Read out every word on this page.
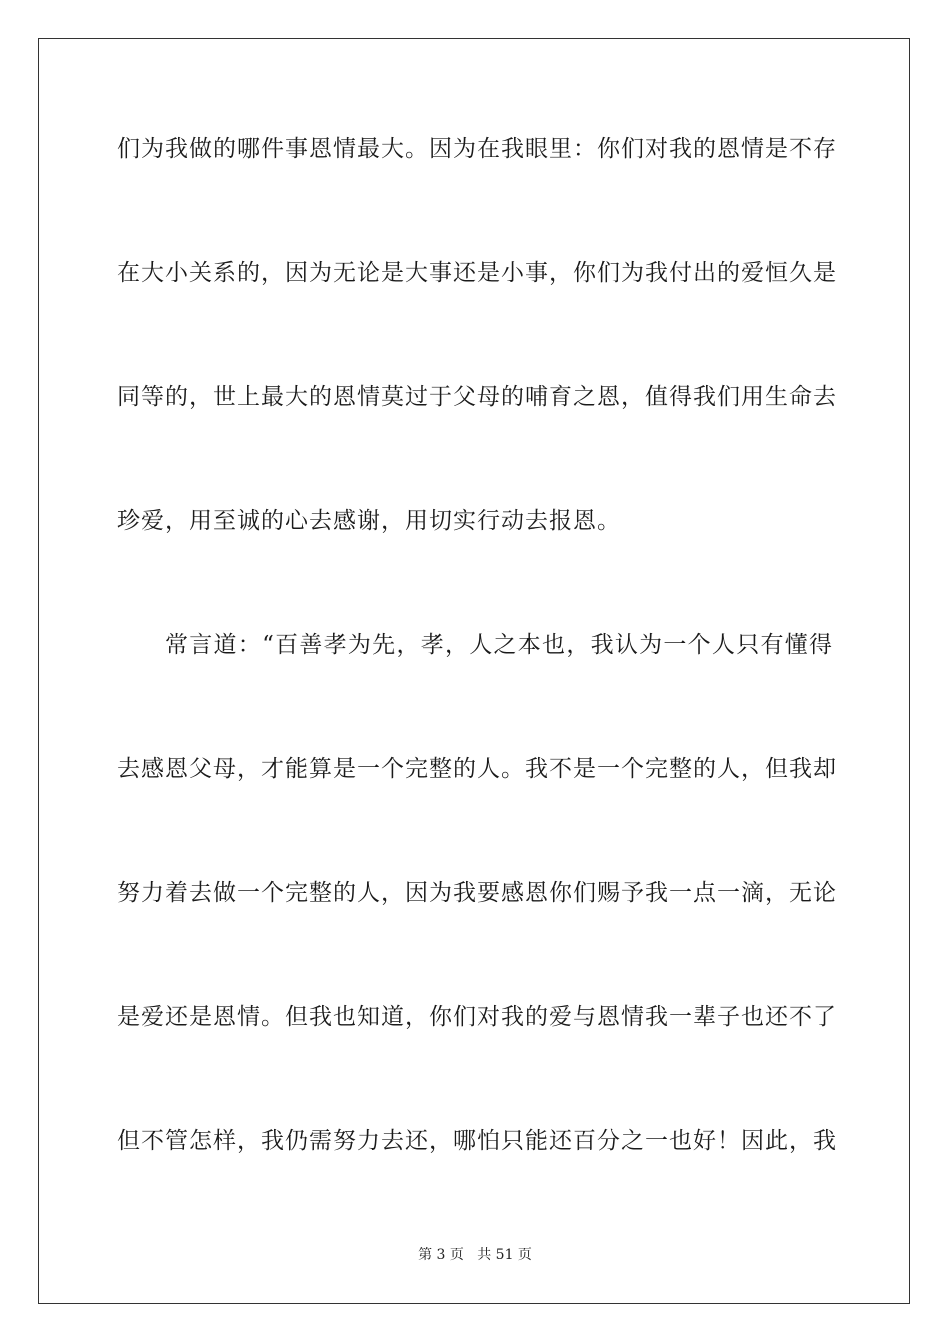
们为我做的哪件事恩情最大。因为在我眼里：你们对我的恩情是不存
在大小关系的，因为无论是大事还是小事，你们为我付出的爱恒久是
同等的，世上最大的恩情莫过于父母的哺育之恩，值得我们用生命去
珍爱，用至诚的心去感谢，用切实行动去报恩。
常言道：“百善孝为先，孝，人之本也，我认为一个人只有懂得
去感恩父母，才能算是一个完整的人。我不是一个完整的人，但我却
努力着去做一个完整的人，因为我要感恩你们赐予我一点一滴，无论
是爱还是恩情。但我也知道，你们对我的爱与恩情我一辈子也还不了
但不管怎样，我仍需努力去还，哪怕只能还百分之一也好！因此，我
第 3 页   共 51 页
